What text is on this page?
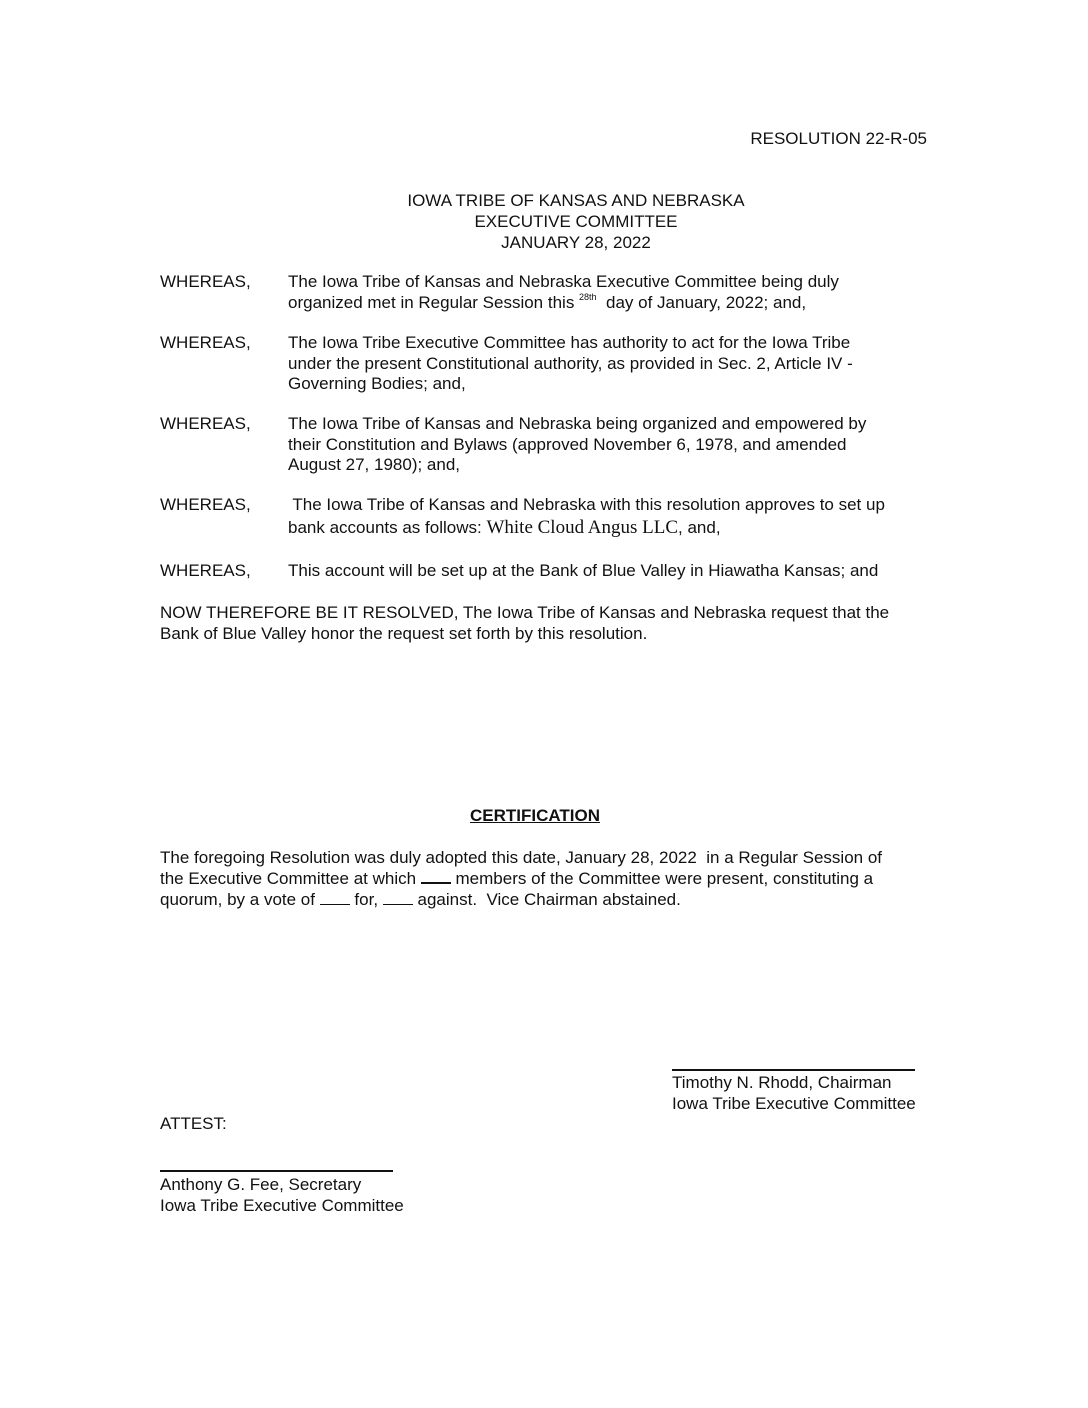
RESOLUTION 22-R-05
IOWA TRIBE OF KANSAS AND NEBRASKA
EXECUTIVE COMMITTEE
JANUARY 28, 2022
WHEREAS, The Iowa Tribe of Kansas and Nebraska Executive Committee being duly
organized met in Regular Session this $^{28th}$  day of January, 2022; and,
WHEREAS, The Iowa Tribe Executive Committee has authority to act for the Iowa Tribe
under the present Constitutional authority, as provided in Sec. 2, Article IV -
Governing Bodies; and,
WHEREAS, The Iowa Tribe of Kansas and Nebraska being organized and empowered by
their Constitution and Bylaws (approved November 6, 1978, and amended
August 27, 1980); and,
WHEREAS, The Iowa Tribe of Kansas and Nebraska with this resolution approves to set up
bank accounts as follows: White Cloud Angus LLC, and,
WHEREAS, This account will be set up at the Bank of Blue Valley in Hiawatha Kansas; and
NOW THEREFORE BE IT RESOLVED, The Iowa Tribe of Kansas and Nebraska request that the
Bank of Blue Valley honor the request set forth by this resolution.
CERTIFICATION
The foregoing Resolution was duly adopted this date, January 28, 2022  in a Regular Session of
the Executive Committee at which  members of the Committee were present, constituting a
quorum, by a vote of  for,  against.  Vice Chairman abstained.
Timothy N. Rhodd, Chairman
Iowa Tribe Executive Committee
ATTEST:
Anthony G. Fee, Secretary
Iowa Tribe Executive Committee
